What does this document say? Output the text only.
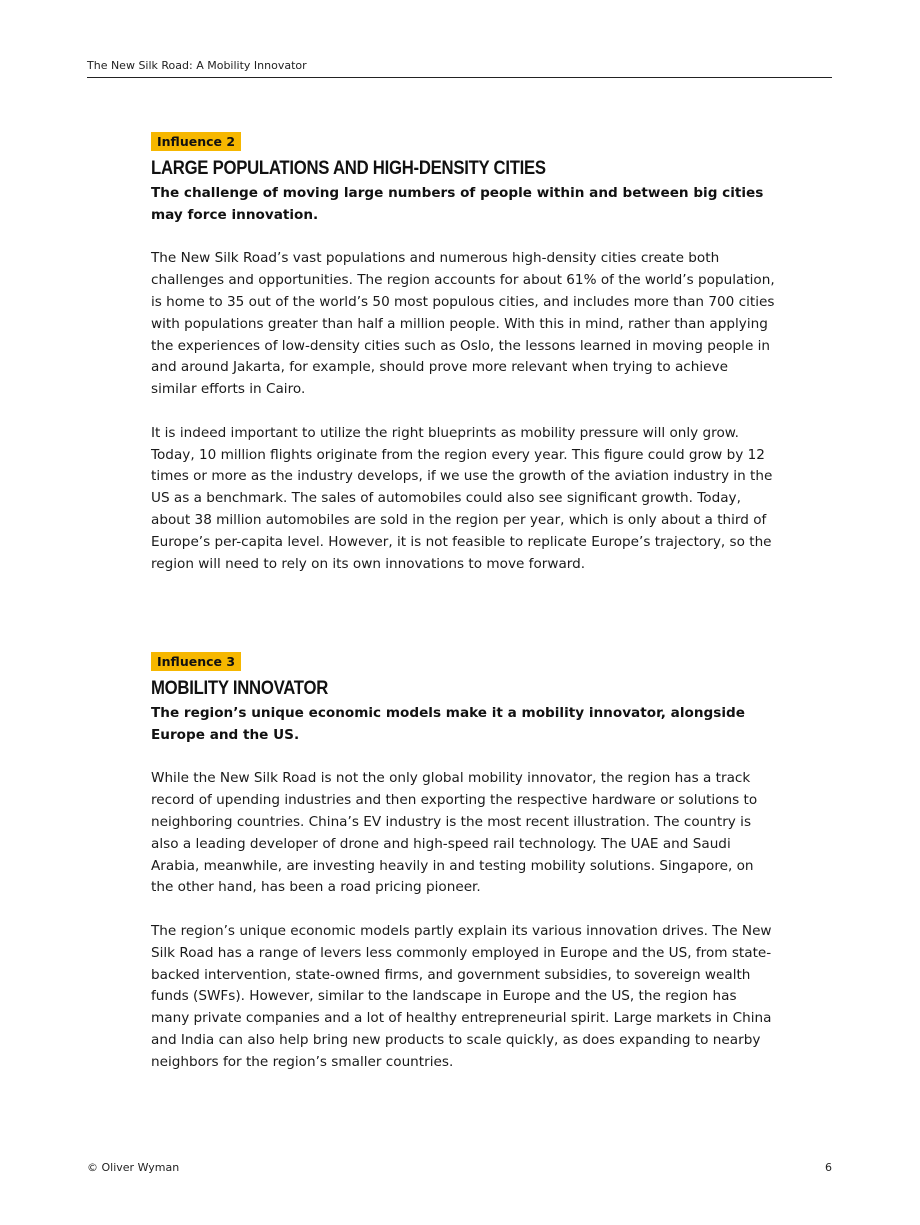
The New Silk Road: A Mobility Innovator
Influence 2
LARGE POPULATIONS AND HIGH-DENSITY CITIES

The challenge of moving large numbers of people within and between big cities may force innovation.

The New Silk Road’s vast populations and numerous high-density cities create both challenges and opportunities. The region accounts for about 61% of the world’s population, is home to 35 out of the world’s 50 most populous cities, and includes more than 700 cities with populations greater than half a million people. With this in mind, rather than applying the experiences of low-density cities such as Oslo, the lessons learned in moving people in and around Jakarta, for example, should prove more relevant when trying to achieve similar efforts in Cairo.

It is indeed important to utilize the right blueprints as mobility pressure will only grow. Today, 10 million flights originate from the region every year. This figure could grow by 12 times or more as the industry develops, if we use the growth of the aviation industry in the US as a benchmark. The sales of automobiles could also see significant growth. Today, about 38 million automobiles are sold in the region per year, which is only about a third of Europe’s per-capita level. However, it is not feasible to replicate Europe’s trajectory, so the region will need to rely on its own innovations to move forward.

Influence 3
MOBILITY INNOVATOR

The region’s unique economic models make it a mobility innovator, alongside Europe and the US.

While the New Silk Road is not the only global mobility innovator, the region has a track record of upending industries and then exporting the respective hardware or solutions to neighboring countries. China’s EV industry is the most recent illustration. The country is also a leading developer of drone and high-speed rail technology. The UAE and Saudi Arabia, meanwhile, are investing heavily in and testing mobility solutions. Singapore, on the other hand, has been a road pricing pioneer.

The region’s unique economic models partly explain its various innovation drives. The New Silk Road has a range of levers less commonly employed in Europe and the US, from state-backed intervention, state-owned firms, and government subsidies, to sovereign wealth funds (SWFs). However, similar to the landscape in Europe and the US, the region has many private companies and a lot of healthy entrepreneurial spirit. Large markets in China and India can also help bring new products to scale quickly, as does expanding to nearby neighbors for the region’s smaller countries.

© Oliver Wyman	6
